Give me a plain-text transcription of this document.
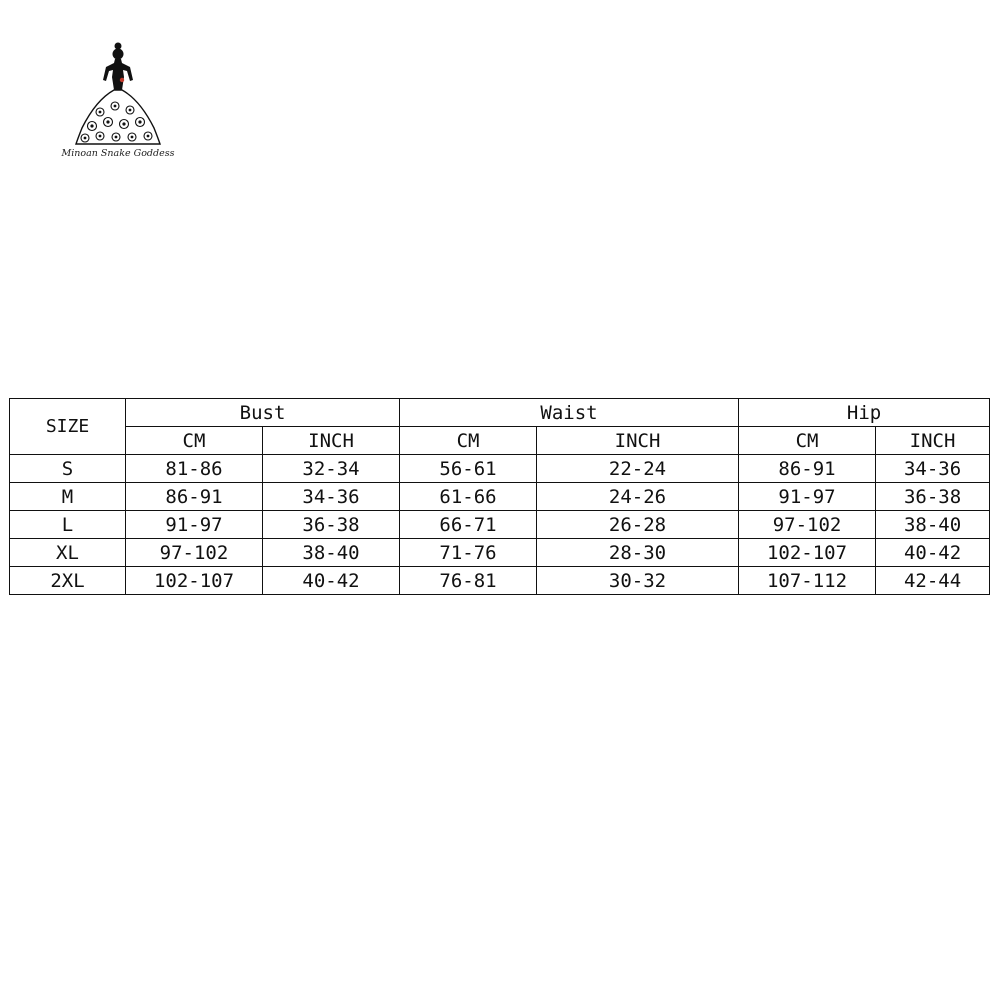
Minoan Snake Goddess
SIZE	Bust		Waist		Hip	
	CM	INCH	CM	INCH	CM	INCH
S	81-86	32-34	56-61	22-24	86-91	34-36
M	86-91	34-36	61-66	24-26	91-97	36-38
L	91-97	36-38	66-71	26-28	97-102	38-40
XL	97-102	38-40	71-76	28-30	102-107	40-42
2XL	102-107	40-42	76-81	30-32	107-112	42-44
